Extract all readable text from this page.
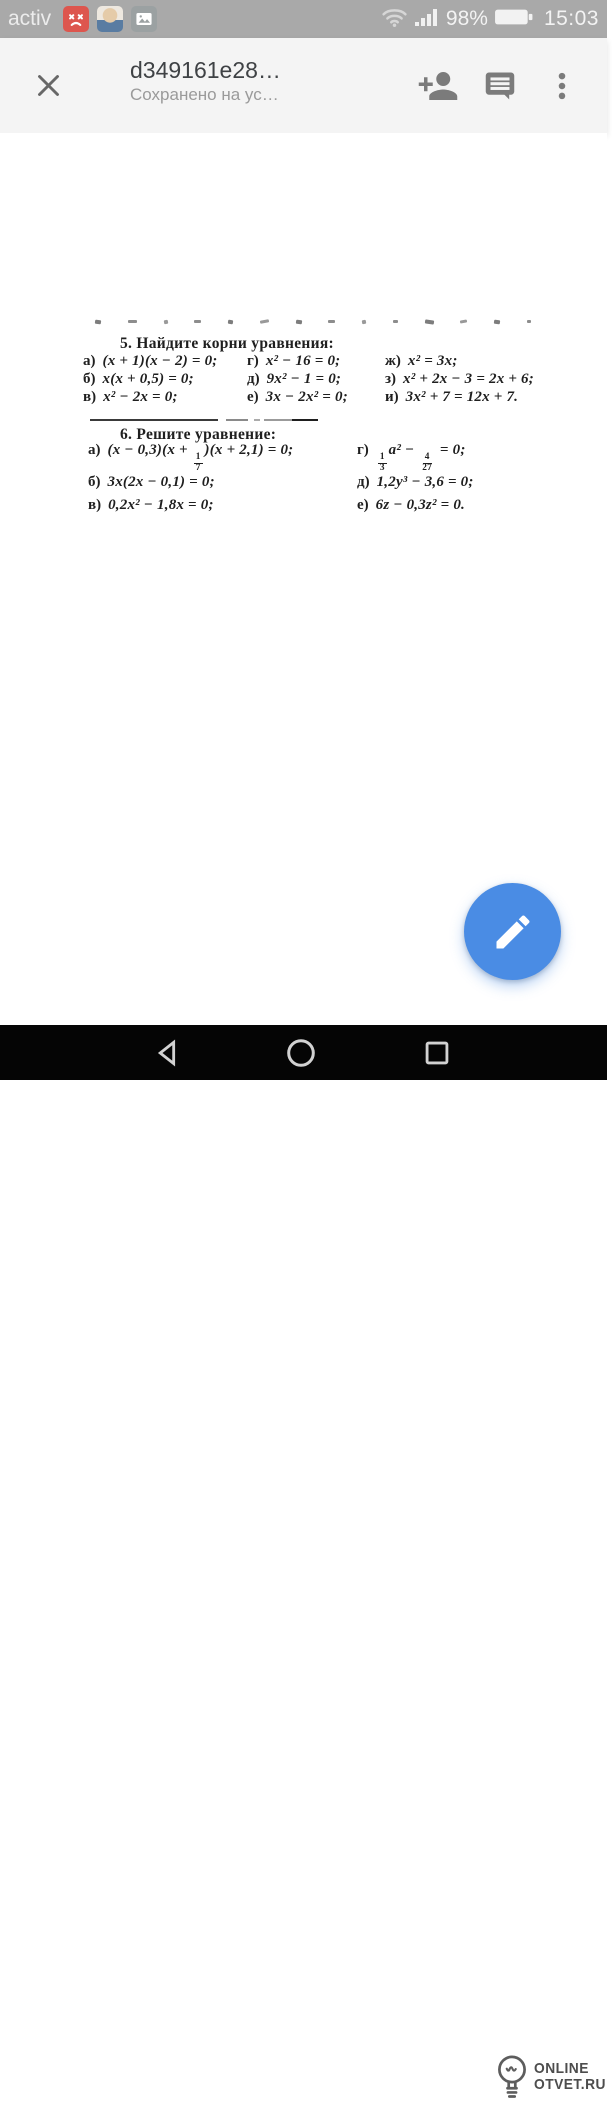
activ	98%	15:03
d349161e28…
Сохранено на ус…
5. Найдите корни уравнения:
а) (x + 1)(x − 2) = 0;
б) x(x + 0,5) = 0;
в) x² − 2x = 0;
г) x² − 16 = 0;
д) 9x² − 1 = 0;
е) 3x − 2x² = 0;
ж) x² = 3x;
з) x² + 2x − 3 = 2x + 6;
и) 3x² + 7 = 12x + 7.
6. Решите уравнение:
а) (x − 0,3)(x +
$\frac{1}{7}$
)(x + 2,1) = 0;
б) 3x(2x − 0,1) = 0;
в) 0,2x² − 1,8x = 0;
г)
$\frac{1}{3}$
a² −
$\frac{4}{27}$
= 0;
д) 1,2y³ − 3,6 = 0;
е) 6z − 0,3z² = 0.
ONLINE
OTVET.RU
